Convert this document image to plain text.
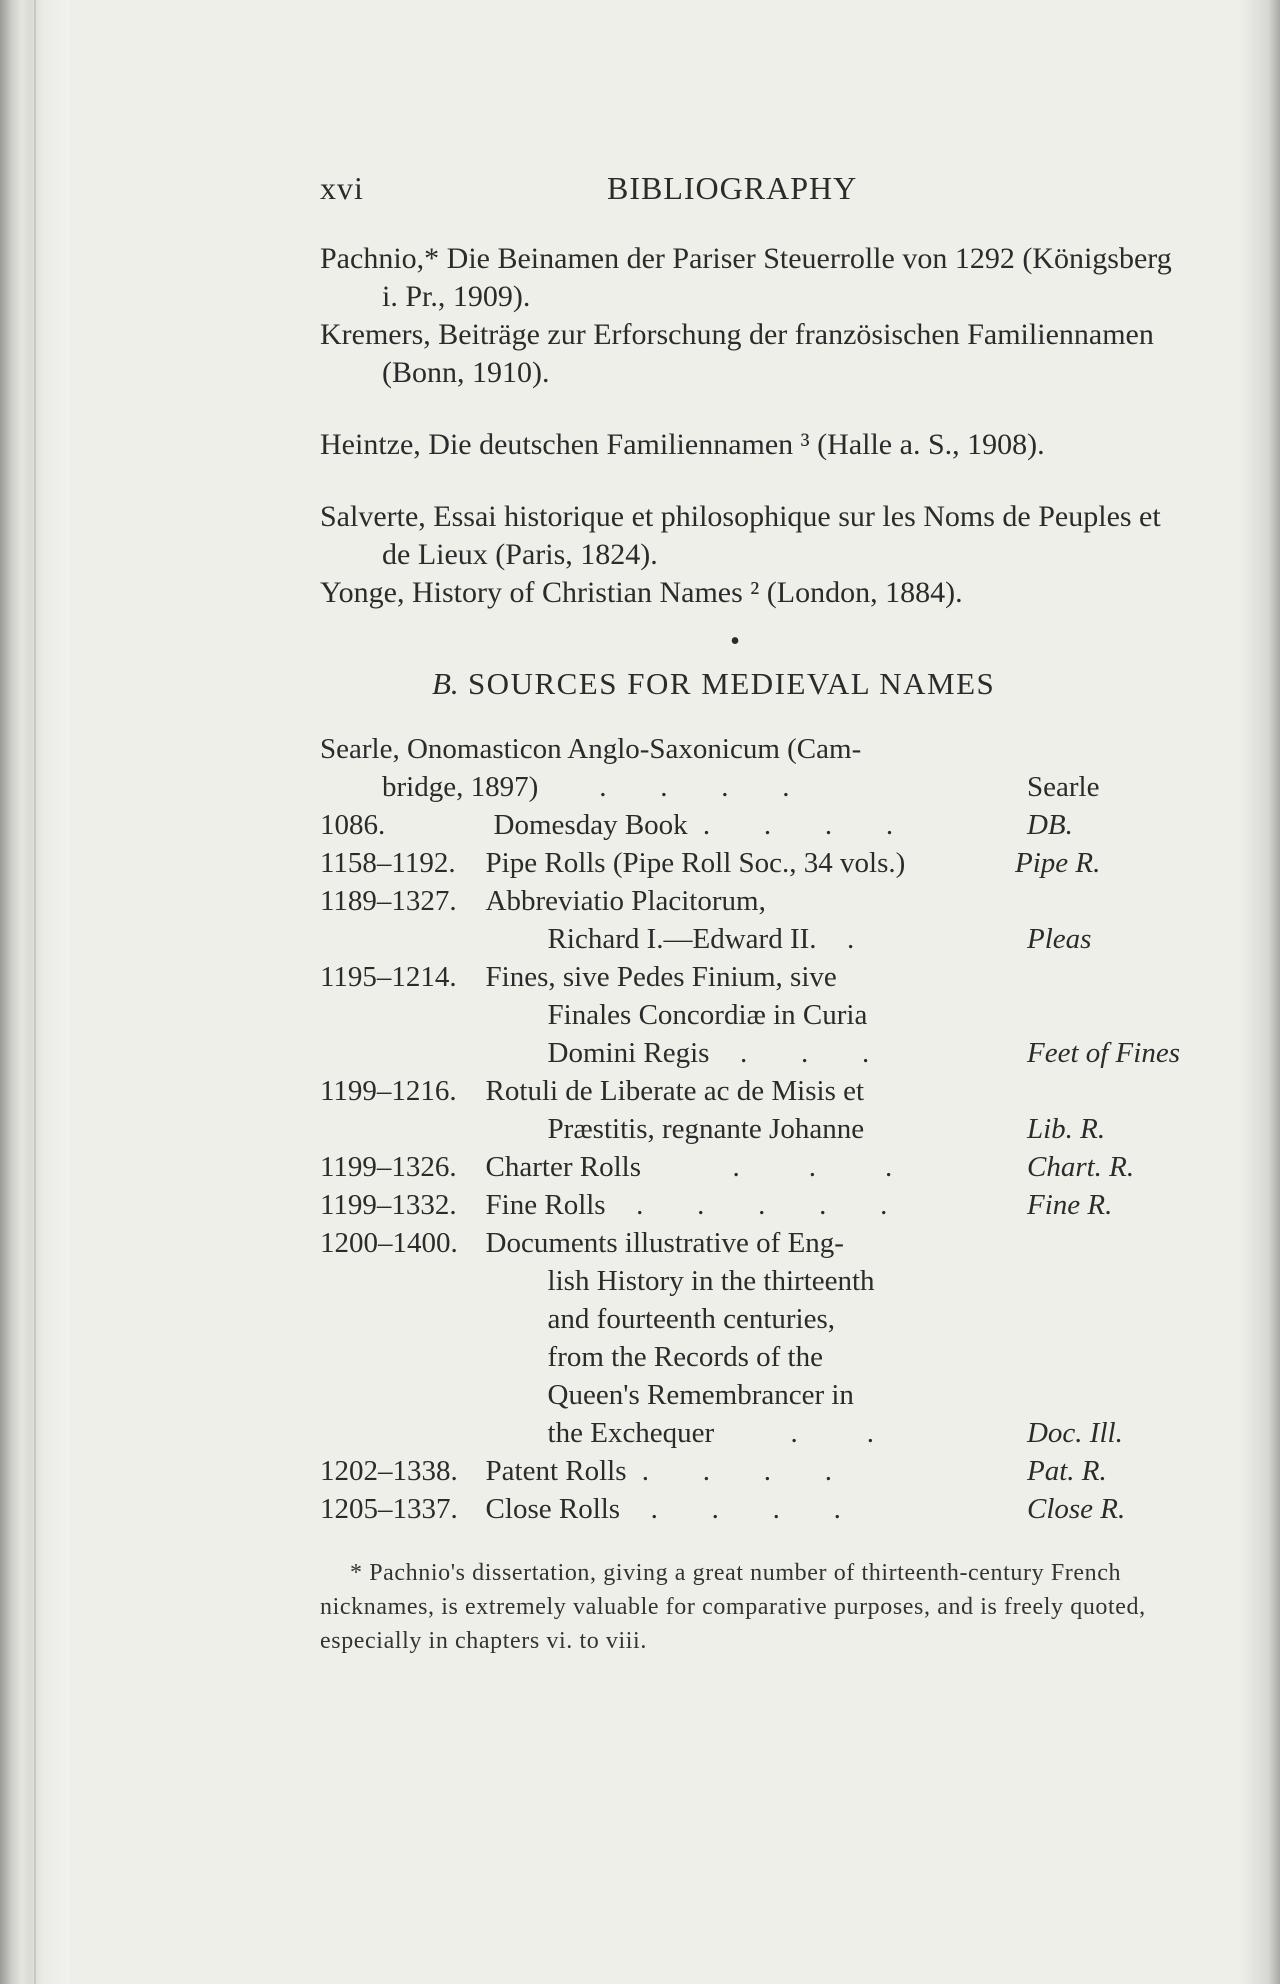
xvi	BIBLIOGRAPHY

Pachnio,* Die Beinamen der Pariser Steuerrolle von 1292 (Königsberg i. Pr., 1909).

Kremers, Beiträge zur Erforschung der französischen Familiennamen (Bonn, 1910).

Heintze, Die deutschen Familiennamen ³ (Halle a. S., 1908).

Salverte, Essai historique et philosophique sur les Noms de Peuples et de Lieux (Paris, 1824).

Yonge, History of Christian Names ² (London, 1884).

•

B. SOURCES FOR MEDIEVAL NAMES

Searle, Onomasticon Anglo-Saxonicum (Cam-		
bridge, 1897)    .   .   .   .		Searle
1086.	Domesday Book .   .   .   .	DB.
1158–1192.	Pipe Rolls (Pipe Roll Soc., 34 vols.)	Pipe R.
1189–1327.	Abbreviatio Placitorum,	
	Richard I.—Edward II.  .	Pleas
1195–1214.	Fines, sive Pedes Finium, sive	
	Finales Concordiæ in Curia	
	Domini Regis  .   .   .	Feet of Fines
1199–1216.	Rotuli de Liberate ac de Misis et	
	Præstitis, regnante Johanne	Lib. R.
1199–1326.	Charter Rolls      .    .    .	Chart. R.
1199–1332.	Fine Rolls  .   .   .   .   .	Fine R.
1200–1400.	Documents illustrative of Eng-	
	lish History in the thirteenth	
	and fourteenth centuries,	
	from the Records of the	
	Queen's Remembrancer in	
	the Exchequer     .    .	Doc. Ill.
1202–1338.	Patent Rolls .   .   .   .	Pat. R.
1205–1337.	Close Rolls  .   .   .   .	Close R.

* Pachnio's dissertation, giving a great number of thirteenth-century French nicknames, is extremely valuable for comparative purposes, and is freely quoted, especially in chapters vi. to viii.
